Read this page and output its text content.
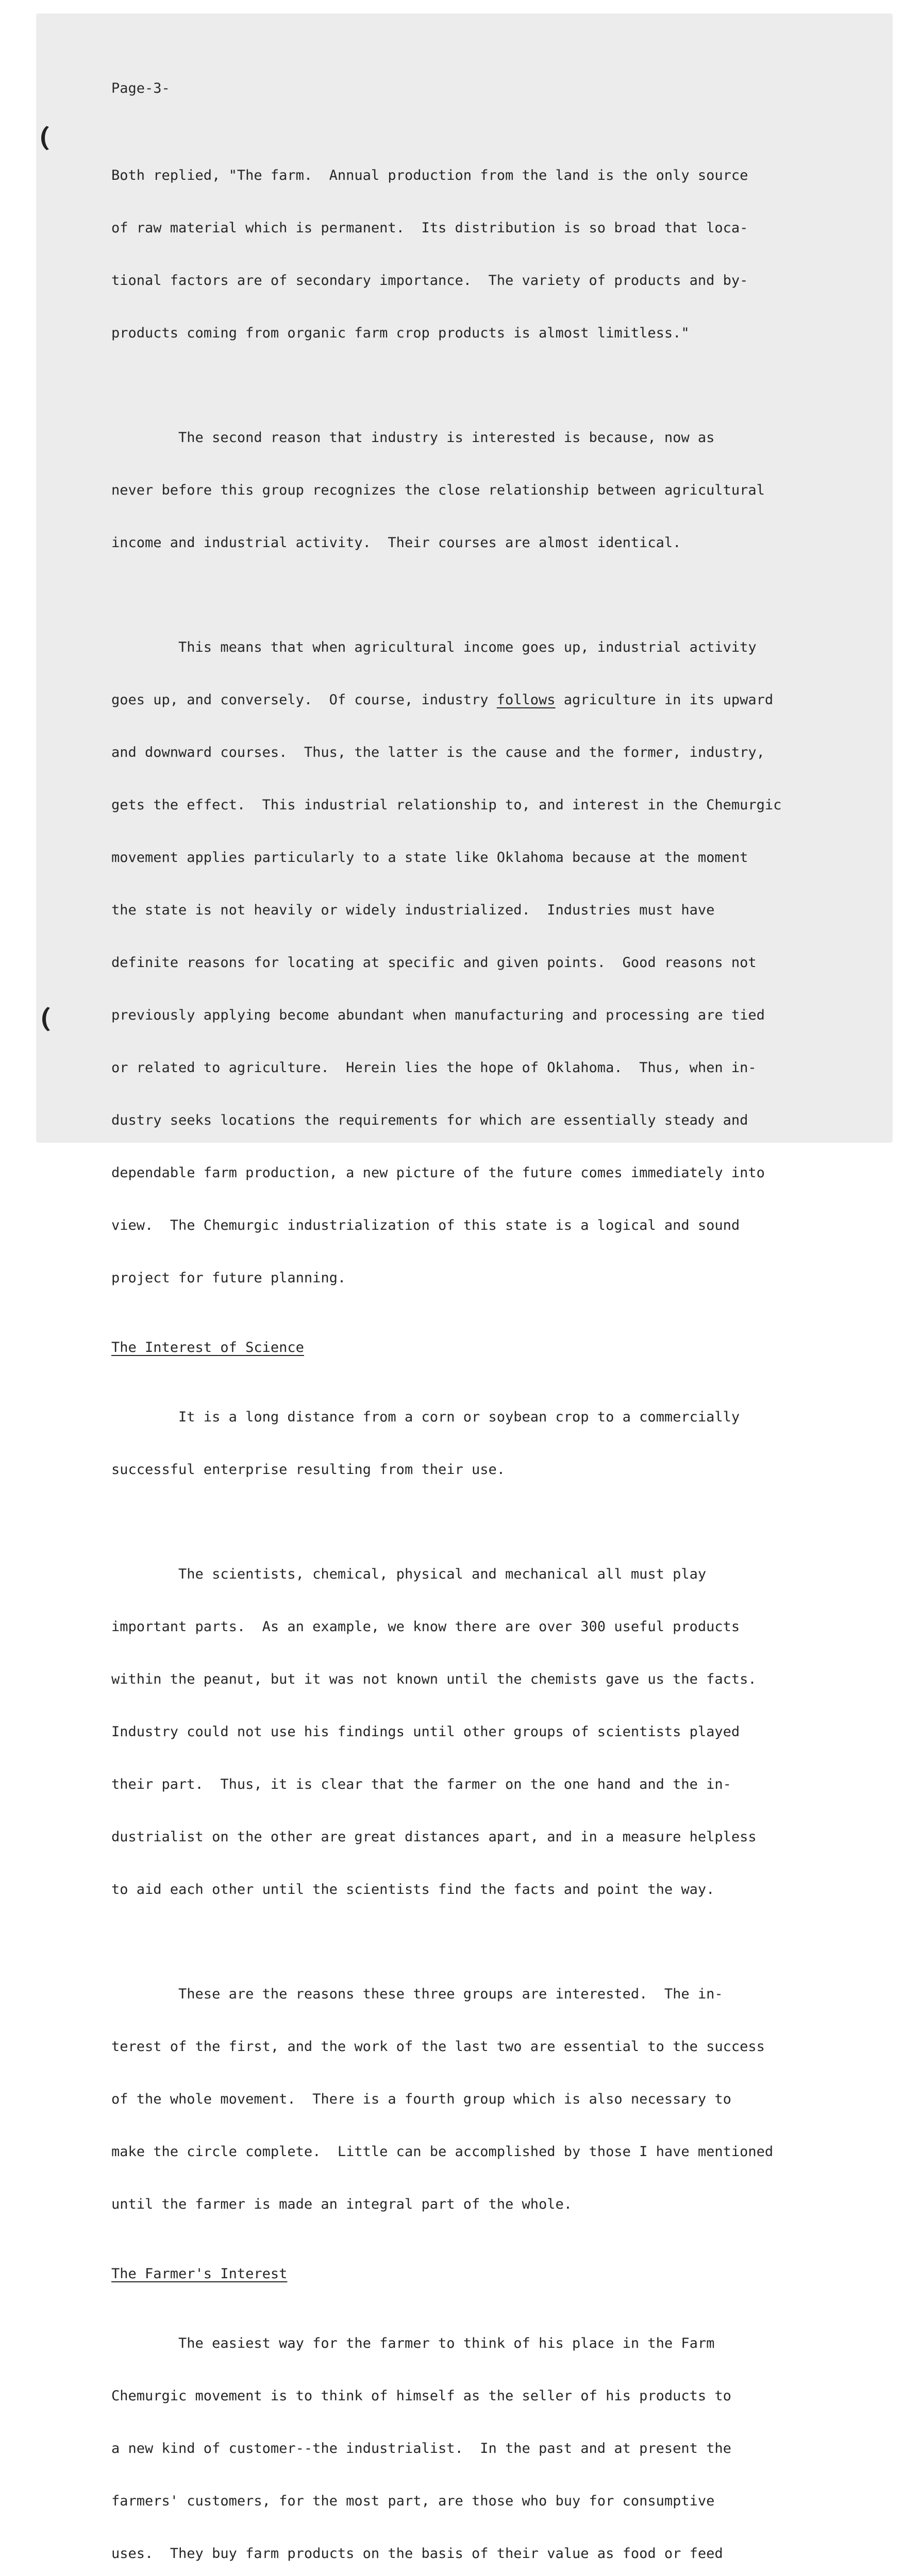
Page-3-

Both replied, "The farm.  Annual production from the land is the only source

of raw material which is permanent.  Its distribution is so broad that loca-

tional factors are of secondary importance.  The variety of products and by-

products coming from organic farm crop products is almost limitless."

The second reason that industry is interested is because, now as

never before this group recognizes the close relationship between agricultural

income and industrial activity.  Their courses are almost identical.

This means that when agricultural income goes up, industrial activity

goes up, and conversely.  Of course, industry follows agriculture in its upward

and downward courses.  Thus, the latter is the cause and the former, industry,

gets the effect.  This industrial relationship to, and interest in the Chemurgic

movement applies particularly to a state like Oklahoma because at the moment

the state is not heavily or widely industrialized.  Industries must have

definite reasons for locating at specific and given points.  Good reasons not

previously applying become abundant when manufacturing and processing are tied

or related to agriculture.  Herein lies the hope of Oklahoma.  Thus, when in-

dustry seeks locations the requirements for which are essentially steady and

dependable farm production, a new picture of the future comes immediately into

view.  The Chemurgic industrialization of this state is a logical and sound

project for future planning.

The Interest of Science

It is a long distance from a corn or soybean crop to a commercially

successful enterprise resulting from their use.

The scientists, chemical, physical and mechanical all must play

important parts.  As an example, we know there are over 300 useful products

within the peanut, but it was not known until the chemists gave us the facts.

Industry could not use his findings until other groups of scientists played

their part.  Thus, it is clear that the farmer on the one hand and the in-

dustrialist on the other are great distances apart, and in a measure helpless

to aid each other until the scientists find the facts and point the way.

These are the reasons these three groups are interested.  The in-

terest of the first, and the work of the last two are essential to the success

of the whole movement.  There is a fourth group which is also necessary to

make the circle complete.  Little can be accomplished by those I have mentioned

until the farmer is made an integral part of the whole.

The Farmer's Interest

The easiest way for the farmer to think of his place in the Farm

Chemurgic movement is to think of himself as the seller of his products to

a new kind of customer--the industrialist.  In the past and at present the

farmers' customers, for the most part, are those who buy for consumptive

uses.  They buy farm products on the basis of their value as food or feed
